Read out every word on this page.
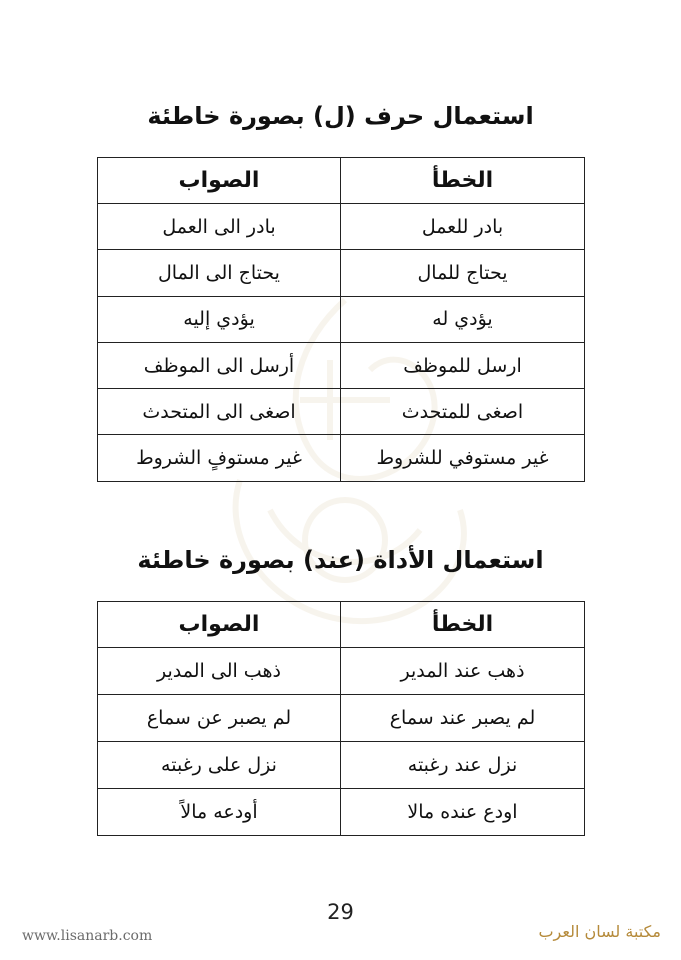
استعمال حرف (ل) بصورة خاطئة
الخطأ	الصواب
بادر للعمل	بادر الى العمل
يحتاج للمال	يحتاج الى المال
يؤدي له	يؤدي إليه
ارسل للموظف	أرسل الى الموظف
اصغى للمتحدث	اصغى الى المتحدث
غير مستوفي للشروط	غير مستوفٍ الشروط
استعمال الأداة (عند) بصورة خاطئة
الخطأ	الصواب
ذهب عند المدير	ذهب الى المدير
لم يصبر عند سماع	لم يصبر عن سماع
نزل عند رغبته	نزل على رغبته
اودع عنده مالا	أودعه مالاً
29
www.lisanarb.com	مكتبة لسان العرب
